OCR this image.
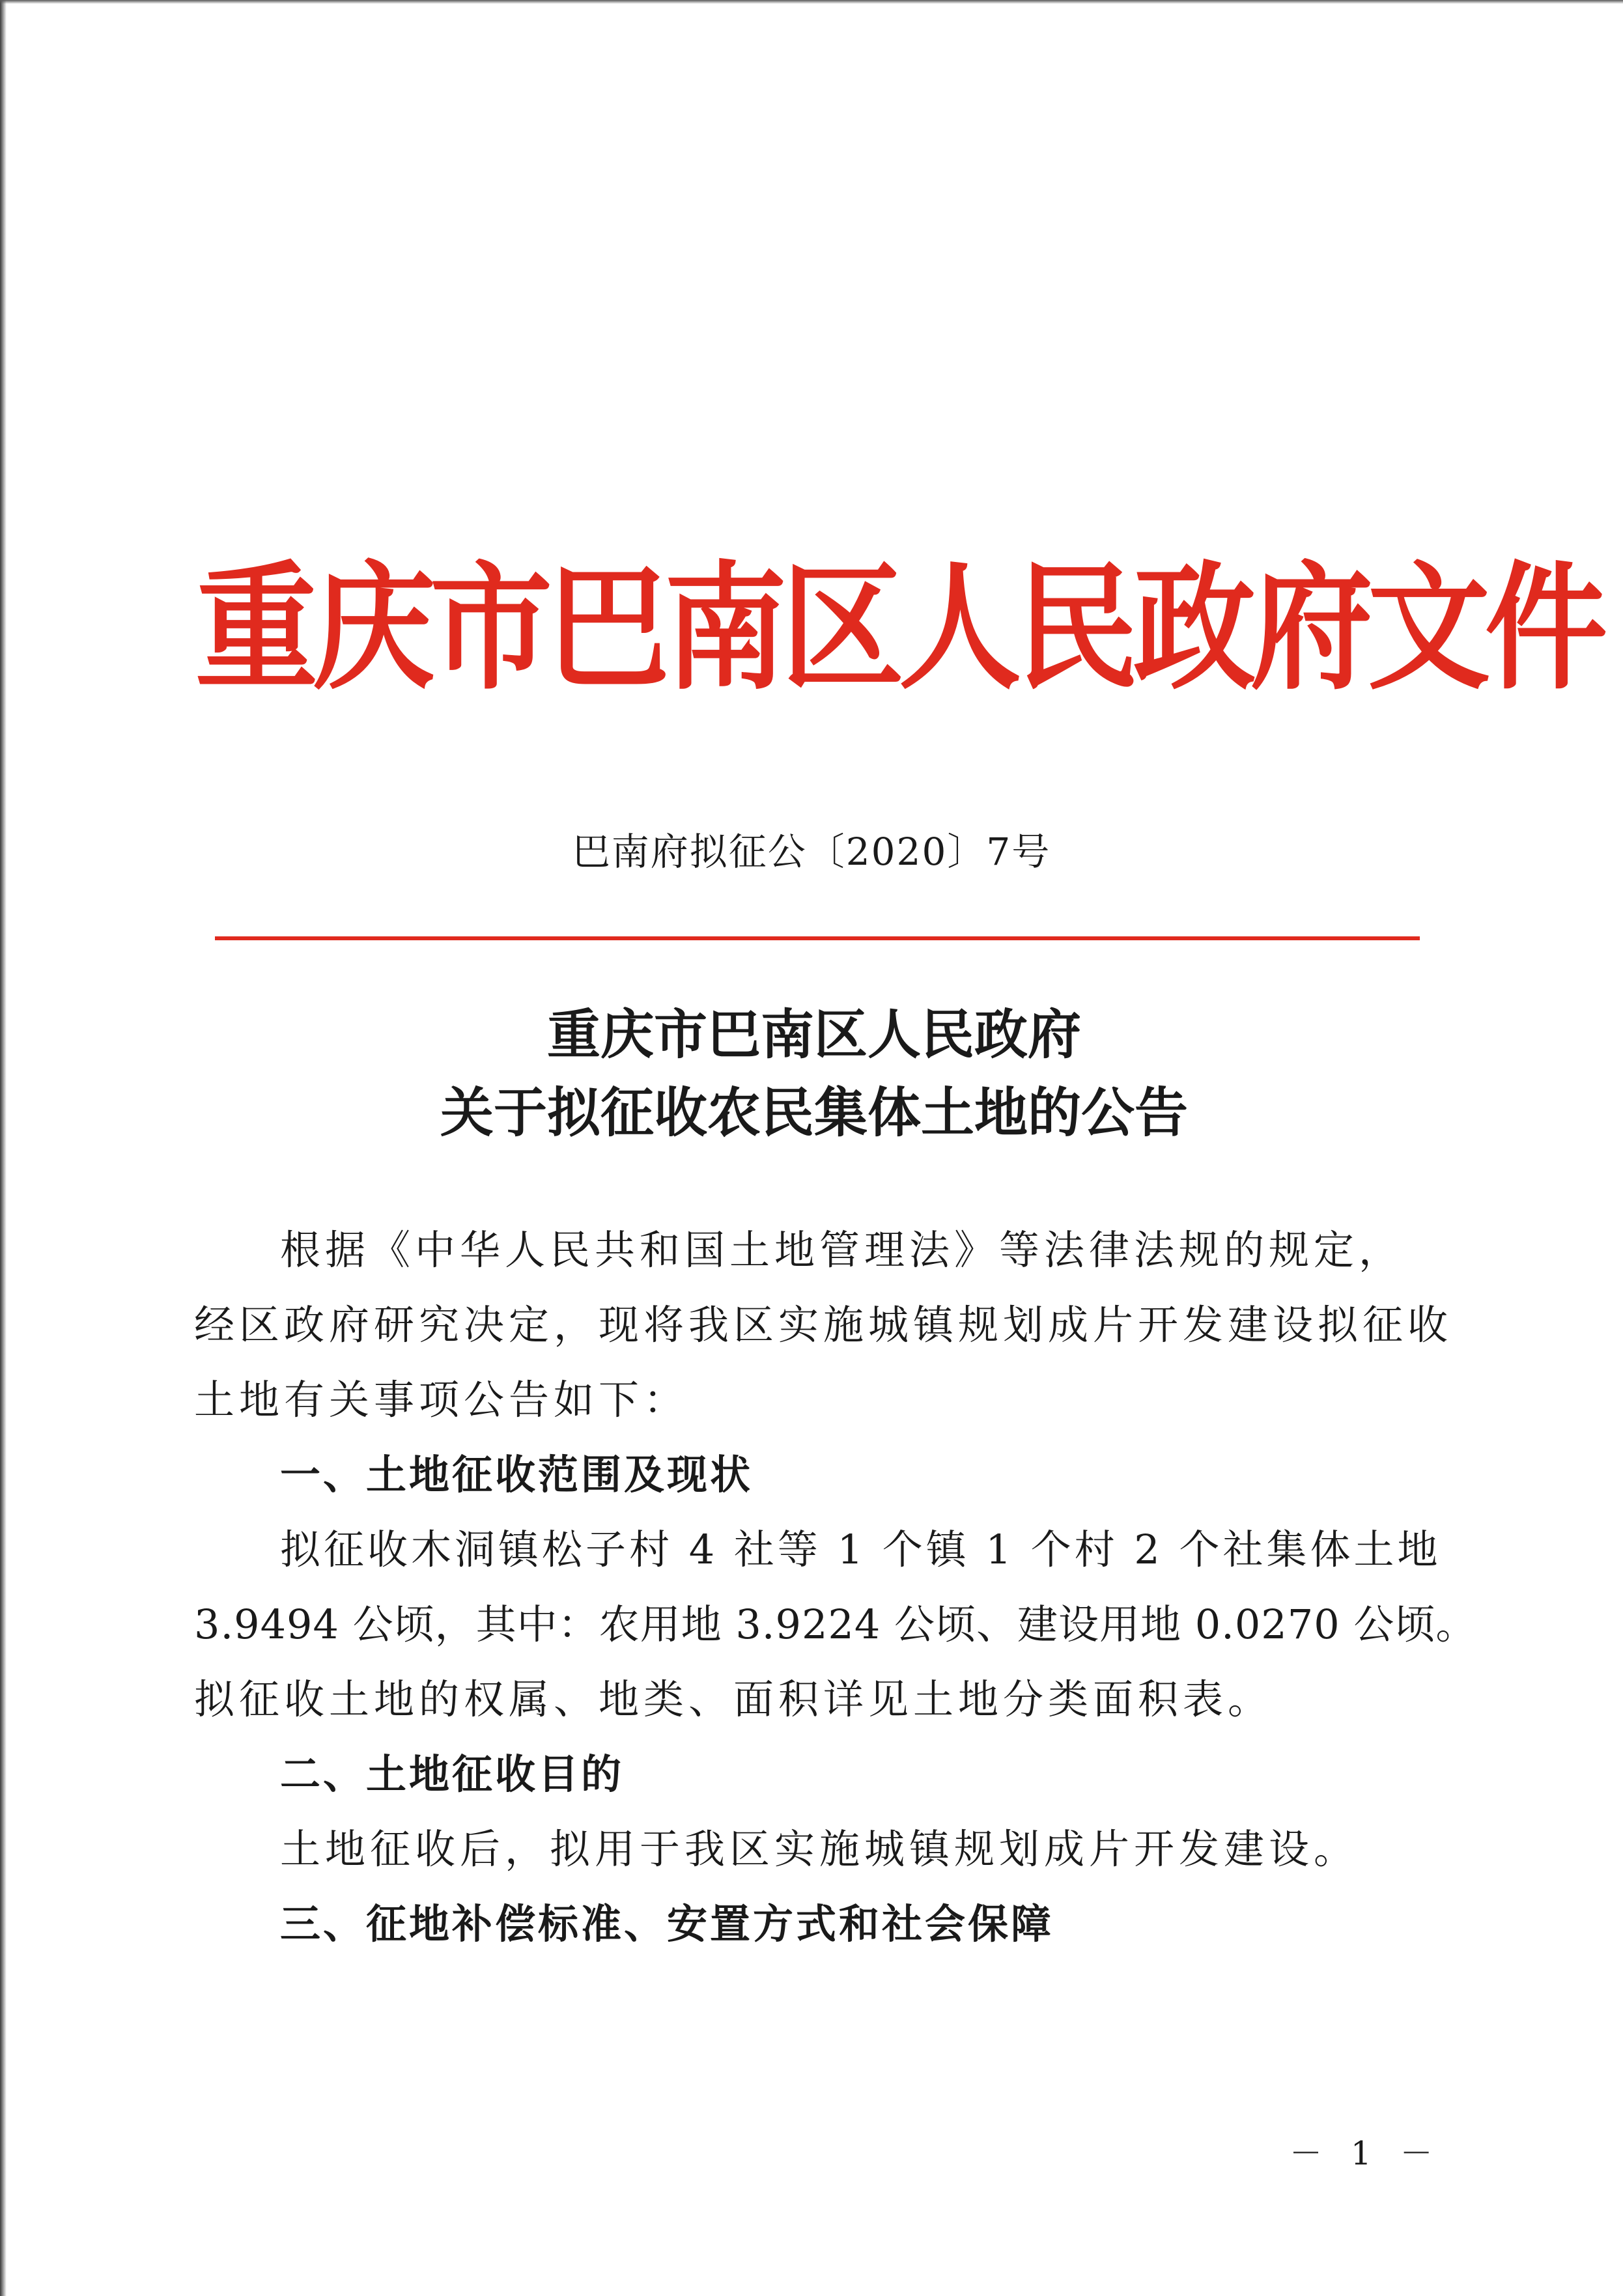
重庆市巴南区人民政府文件
巴南府拟征公〔2020〕7号
重庆市巴南区人民政府
关于拟征收农民集体土地的公告
根据《中华人民共和国土地管理法》等法律法规的规定，
经区政府研究决定，现将我区实施城镇规划成片开发建设拟征收
土地有关事项公告如下：
一、土地征收范围及现状
拟征收木洞镇松子村 4 社等 1 个镇 1 个村 2 个社集体土地
3.9494 公顷，其中：农用地 3.9224 公顷、建设用地 0.0270 公顷。
拟征收土地的权属、地类、面积详见土地分类面积表。
二、土地征收目的
土地征收后，拟用于我区实施城镇规划成片开发建设。
三、征地补偿标准、安置方式和社会保障
－ 1 －
